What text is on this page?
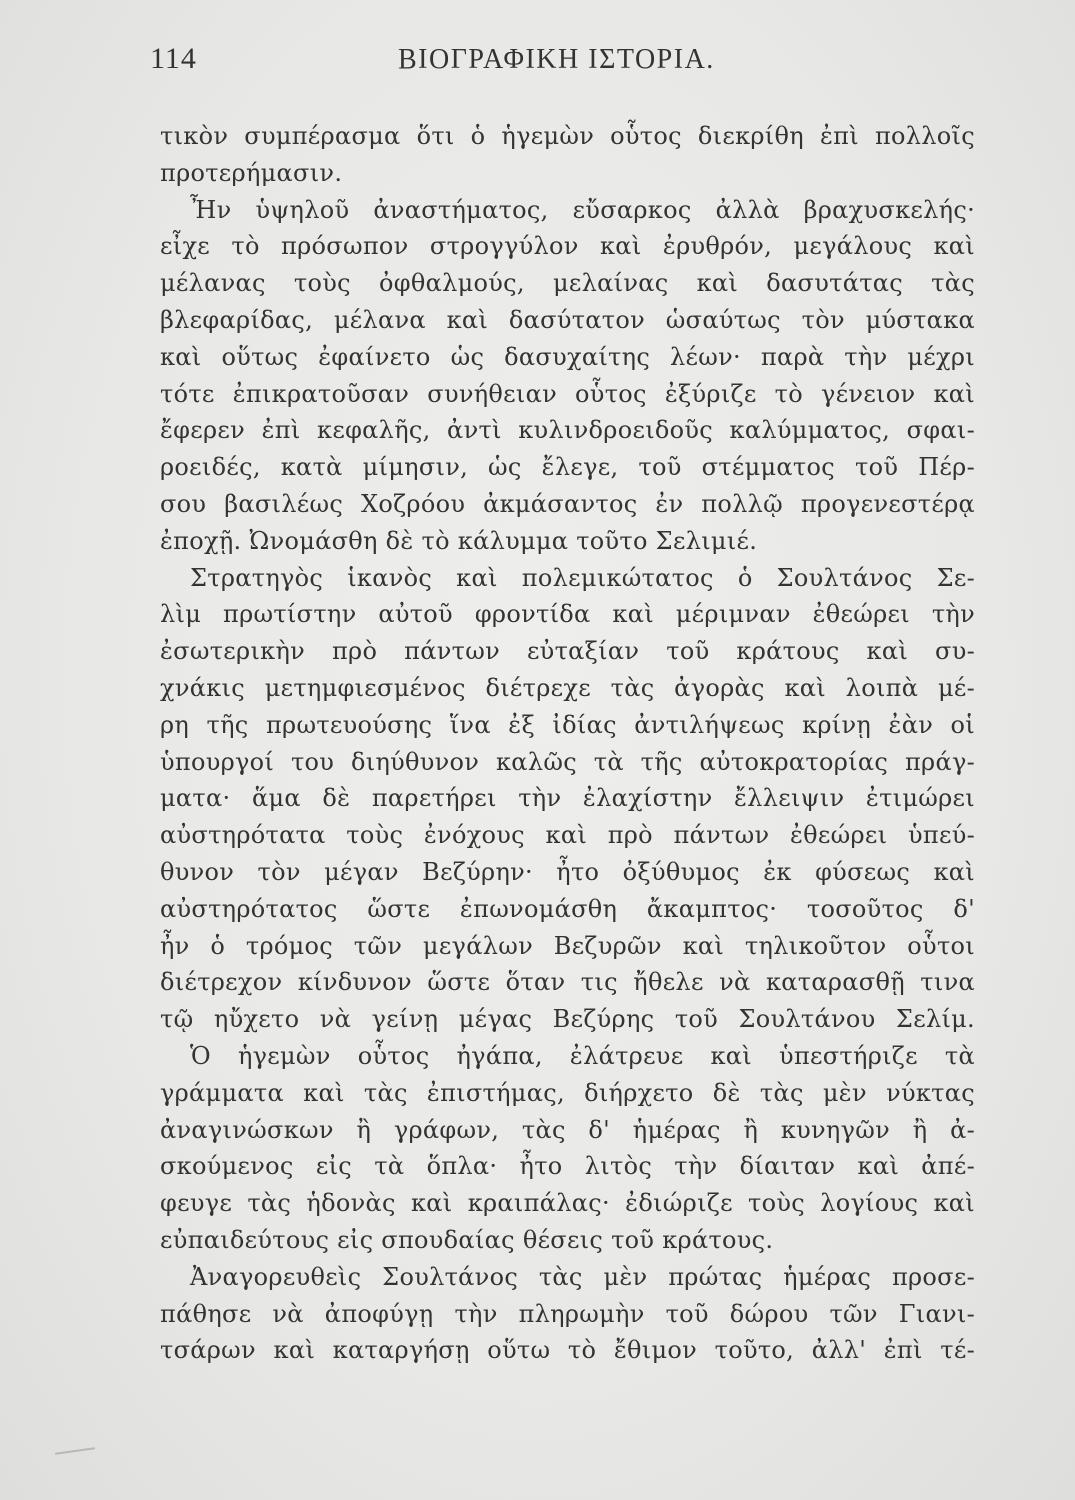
114	ΒΙΟΓΡΑΦΙΚΗ ΙΣΤΟΡΙΑ.
τικὸν συμπέρασμα ὅτι ὁ ἡγεμὼν οὗτος διεκρίθη ἐπὶ πολλοῖς
προτερήμασιν.
Ἦν ὑψηλοῦ ἀναστήματος, εὔσαρκος ἀλλὰ βραχυσκελής·
εἶχε τὸ πρόσωπον στρογγύλον καὶ ἐρυθρόν, μεγάλους καὶ
μέλανας τοὺς ὀφθαλμούς, μελαίνας καὶ δασυτάτας τὰς
βλεφαρίδας, μέλανα καὶ δασύτατον ὡσαύτως τὸν μύστακα
καὶ οὕτως ἐφαίνετο ὡς δασυχαίτης λέων· παρὰ τὴν μέχρι
τότε ἐπικρατοῦσαν συνήθειαν οὗτος ἐξύριζε τὸ γένειον καὶ
ἔφερεν ἐπὶ κεφαλῆς, ἀντὶ κυλινδροειδοῦς καλύμματος, σφαι-
ροειδές, κατὰ μίμησιν, ὡς ἔλεγε, τοῦ στέμματος τοῦ Πέρ-
σου βασιλέως Χοζρόου ἀκμάσαντος ἐν πολλῷ προγενεστέρᾳ
ἐποχῇ. Ὠνομάσθη δὲ τὸ κάλυμμα τοῦτο Σελιμιέ.
Στρατηγὸς ἱκανὸς καὶ πολεμικώτατος ὁ Σουλτάνος Σε-
λὶμ πρωτίστην αὐτοῦ φροντίδα καὶ μέριμναν ἐθεώρει τὴν
ἐσωτερικὴν πρὸ πάντων εὐταξίαν τοῦ κράτους καὶ συ-
χνάκις μετημφιεσμένος διέτρεχε τὰς ἀγορὰς καὶ λοιπὰ μέ-
ρη τῆς πρωτευούσης ἵνα ἐξ ἰδίας ἀντιλήψεως κρίνῃ ἐὰν οἱ
ὑπουργοί του διηύθυνον καλῶς τὰ τῆς αὐτοκρατορίας πράγ-
ματα· ἅμα δὲ παρετήρει τὴν ἐλαχίστην ἔλλειψιν ἐτιμώρει
αὐστηρότατα τοὺς ἐνόχους καὶ πρὸ πάντων ἐθεώρει ὑπεύ-
θυνον τὸν μέγαν Βεζύρην· ἦτο ὀξύθυμος ἐκ φύσεως καὶ
αὐστηρότατος ὥστε ἐπωνομάσθη ἄκαμπτος· τοσοῦτος δ'
ἦν ὁ τρόμος τῶν μεγάλων Βεζυρῶν καὶ τηλικοῦτον οὗτοι
διέτρεχον κίνδυνον ὥστε ὅταν τις ἤθελε νὰ καταρασθῇ τινα
τῷ ηὔχετο νὰ γείνῃ μέγας Βεζύρης τοῦ Σουλτάνου Σελίμ.
Ὁ ἡγεμὼν οὗτος ἠγάπα, ἐλάτρευε καὶ ὑπεστήριζε τὰ
γράμματα καὶ τὰς ἐπιστήμας, διήρχετο δὲ τὰς μὲν νύκτας
ἀναγινώσκων ἢ γράφων, τὰς δ' ἡμέρας ἢ κυνηγῶν ἢ ἀ-
σκούμενος εἰς τὰ ὅπλα· ἦτο λιτὸς τὴν δίαιταν καὶ ἀπέ-
φευγε τὰς ἡδονὰς καὶ κραιπάλας· ἐδιώριζε τοὺς λογίους καὶ
εὐπαιδεύτους εἰς σπουδαίας θέσεις τοῦ κράτους.
Ἀναγορευθεὶς Σουλτάνος τὰς μὲν πρώτας ἡμέρας προσε-
πάθησε νὰ ἀποφύγῃ τὴν πληρωμὴν τοῦ δώρου τῶν Γιανι-
τσάρων καὶ καταργήσῃ οὕτω τὸ ἔθιμον τοῦτο, ἀλλ' ἐπὶ τέ-
